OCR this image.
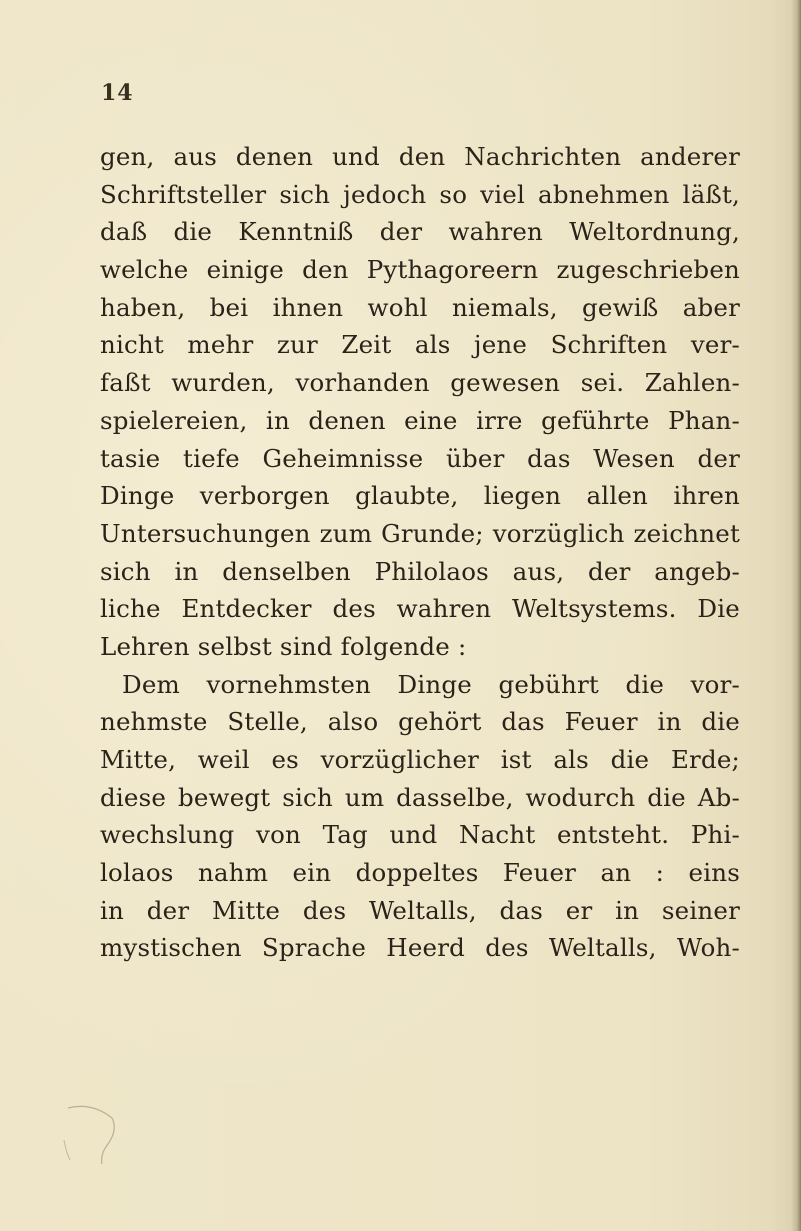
14
gen, aus denen und den Nachrichten anderer
Schriftsteller sich jedoch so viel abnehmen läßt,
daß die Kenntniß der wahren Weltordnung,
welche einige den Pythagoreern zugeschrieben
haben, bei ihnen wohl niemals, gewiß aber
nicht mehr zur Zeit als jene Schriften ver-
faßt wurden, vorhanden gewesen sei. Zahlen-
spielereien, in denen eine irre geführte Phan-
tasie tiefe Geheimnisse über das Wesen der
Dinge verborgen glaubte, liegen allen ihren
Untersuchungen zum Grunde; vorzüglich zeichnet
sich in denselben Philolaos aus, der angeb-
liche Entdecker des wahren Weltsystems. Die
Lehren selbst sind folgende :
Dem vornehmsten Dinge gebührt die vor-
nehmste Stelle, also gehört das Feuer in die
Mitte, weil es vorzüglicher ist als die Erde;
diese bewegt sich um dasselbe, wodurch die Ab-
wechslung von Tag und Nacht entsteht. Phi-
lolaos nahm ein doppeltes Feuer an : eins
in der Mitte des Weltalls, das er in seiner
mystischen Sprache Heerd des Weltalls, Woh-
